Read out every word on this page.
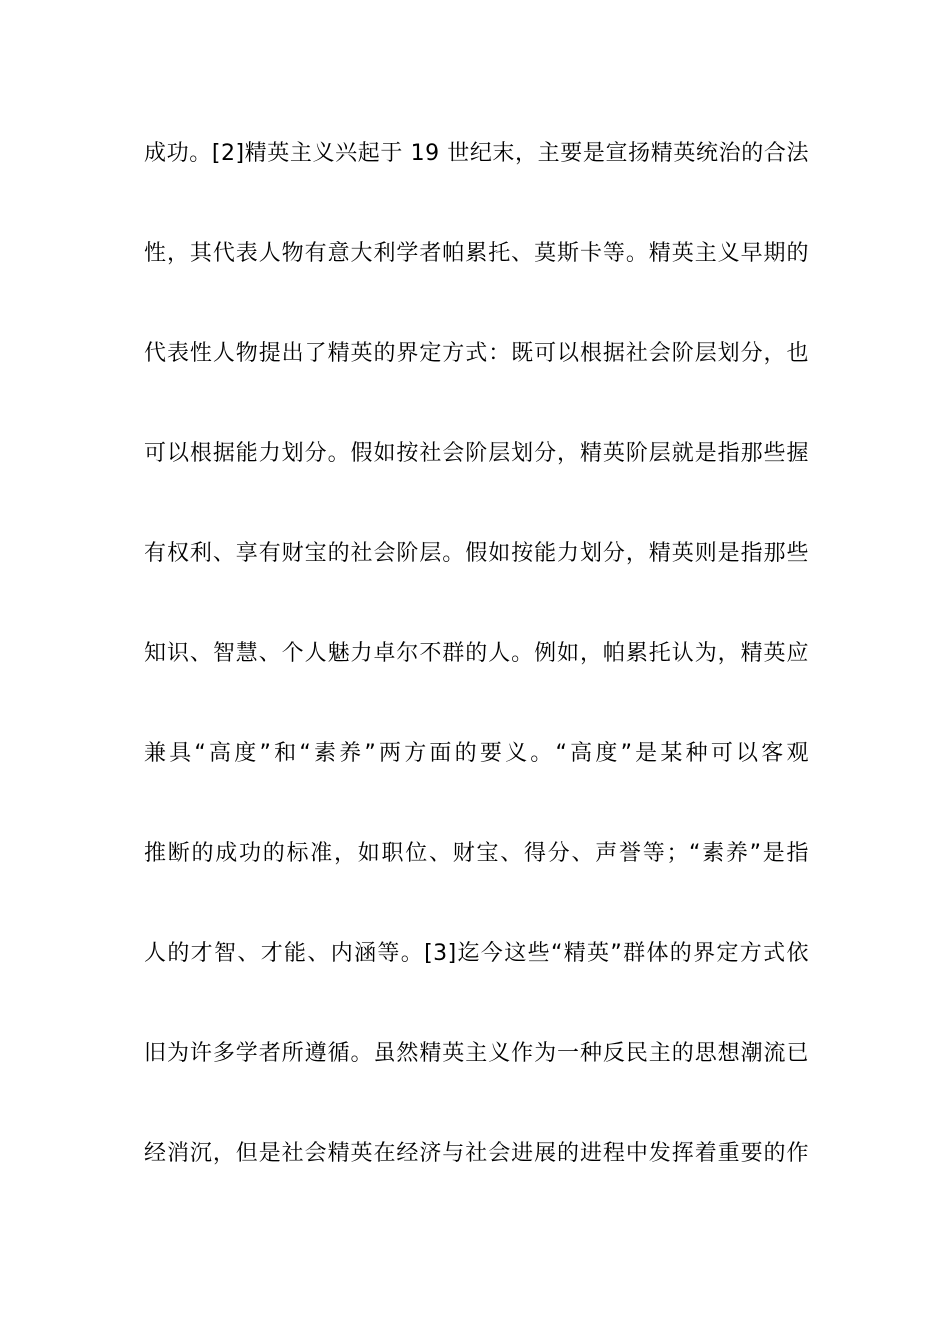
成功。[2]精英主义兴起于 19 世纪末，主要是宣扬精英统治的合法
性，其代表人物有意大利学者帕累托、莫斯卡等。精英主义早期的
代表性人物提出了精英的界定方式：既可以根据社会阶层划分，也
可以根据能力划分。假如按社会阶层划分，精英阶层就是指那些握
有权利、享有财宝的社会阶层。假如按能力划分，精英则是指那些
知识、智慧、个人魅力卓尔不群的人。例如，帕累托认为，精英应
兼具“高度”和“素养”两方面的要义。“高度”是某种可以客观
推断的成功的标准，如职位、财宝、得分、声誉等；“素养”是指
人的才智、才能、内涵等。[3]迄今这些“精英”群体的界定方式依
旧为许多学者所遵循。虽然精英主义作为一种反民主的思想潮流已
经消沉，但是社会精英在经济与社会进展的进程中发挥着重要的作
